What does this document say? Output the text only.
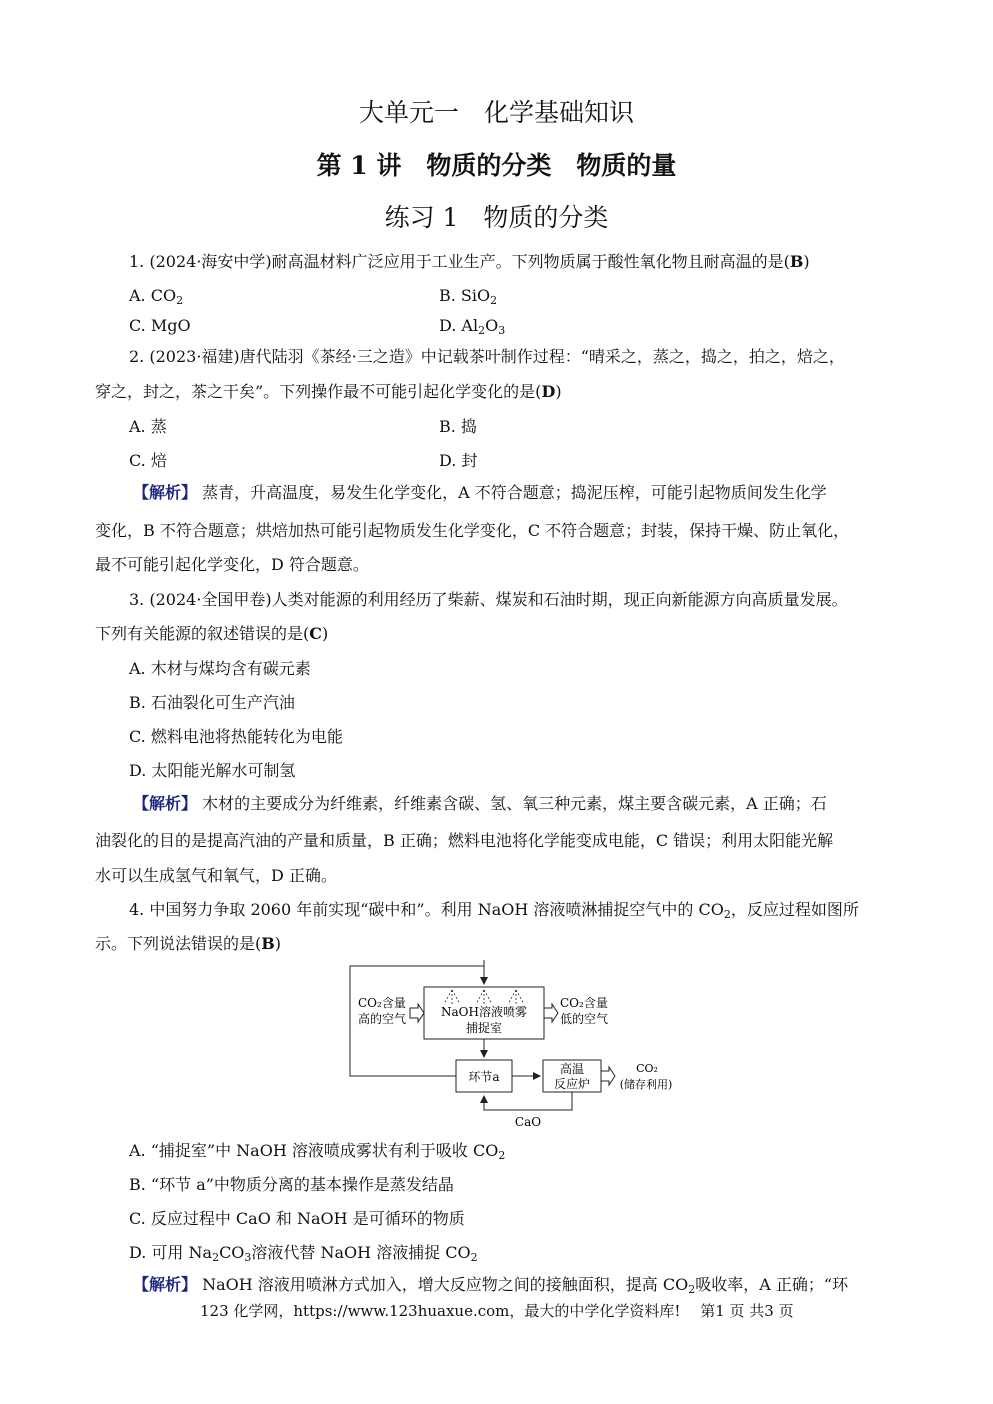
大单元一　化学基础知识
第 1 讲　物质的分类　物质的量
练习 1　物质的分类
1. (2024·海安中学)耐高温材料广泛应用于工业生产。下列物质属于酸性氧化物且耐高温的是(B)
A. $CO_2$	B. SiO$_2$
C. MgO	D. $Al_2O_3$
2. (2023·福建)唐代陆羽《茶经·三之造》中记载茶叶制作过程：“晴采之，蒸之，捣之，拍之，焙之，
穿之，封之，茶之干矣”。下列操作最不可能引起化学变化的是(D)
A. 蒸	B. 捣
C. 焙	D. 封
【解析】 蒸青，升高温度，易发生化学变化，A 不符合题意；捣泥压榨，可能引起物质间发生化学
变化，B 不符合题意；烘焙加热可能引起物质发生化学变化，C 不符合题意；封装，保持干燥、防止氧化，
最不可能引起化学变化，D 符合题意。
3. (2024·全国甲卷)人类对能源的利用经历了柴薪、煤炭和石油时期，现正向新能源方向高质量发展。
下列有关能源的叙述错误的是(C)
A. 木材与煤均含有碳元素
B. 石油裂化可生产汽油
C. 燃料电池将热能转化为电能
D. 太阳能光解水可制氢
【解析】 木材的主要成分为纤维素，纤维素含碳、氢、氧三种元素，煤主要含碳元素，A 正确；石
油裂化的目的是提高汽油的产量和质量，B 正确；燃料电池将化学能变成电能，C 错误；利用太阳能光解
水可以生成氢气和氧气，D 正确。
4. 中国努力争取 2060 年前实现“碳中和”。利用 NaOH 溶液喷淋捕捉空气中的 $CO_2$，反应过程如图所
示。下列说法错误的是(B)
NaOH溶液喷雾
捕捉室
CO₂含量
高的空气
CO₂含量
低的空气
环节a
高温
反应炉
CO₂
(储存利用)
CaO
A. “捕捉室”中 NaOH 溶液喷成雾状有利于吸收 $CO_2$
B. “环节 a”中物质分离的基本操作是蒸发结晶
C. 反应过程中 CaO 和 NaOH 是可循环的物质
D. 可用 $Na_2CO_3$溶液代替 NaOH 溶液捕捉 $CO_2$
【解析】 NaOH 溶液用喷淋方式加入，增大反应物之间的接触面积，提高 $CO_2$吸收率，A 正确；“环
123 化学网，https://www.123huaxue.com，最大的中学化学资料库!　 第1 页 共3 页
